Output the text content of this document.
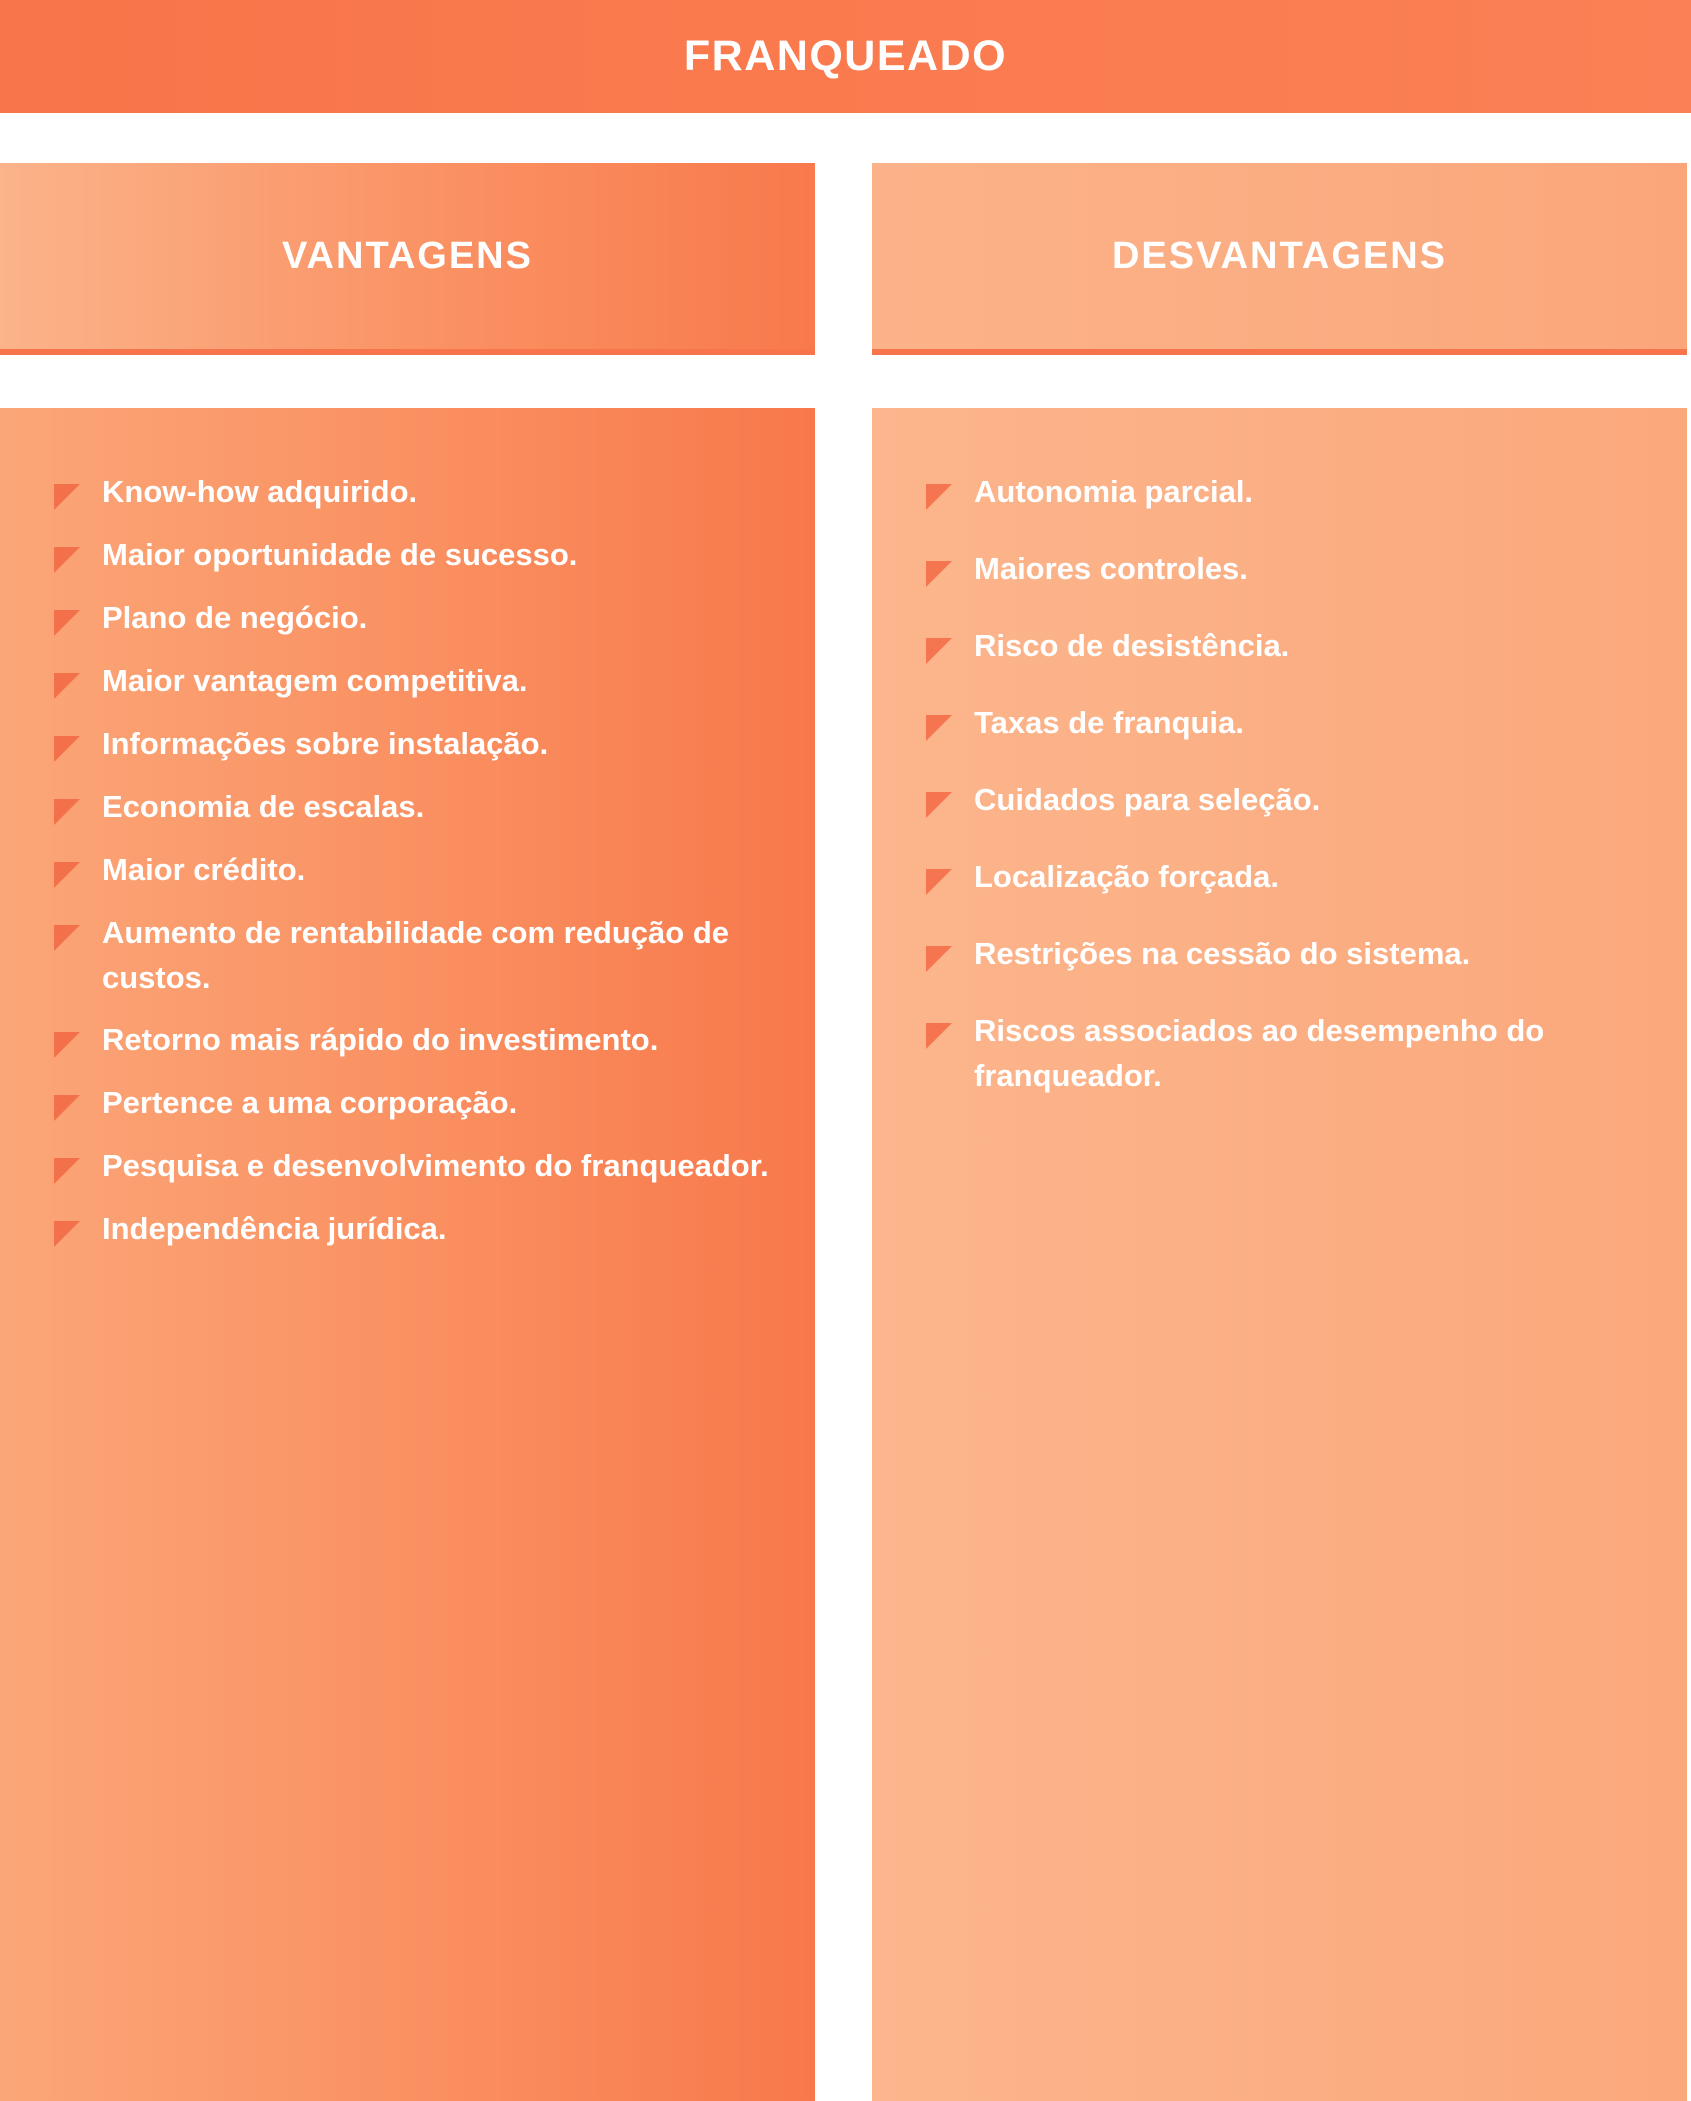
FRANQUEADO
VANTAGENS
Know-how adquirido.
Maior oportunidade de sucesso.
Plano de negócio.
Maior vantagem competitiva.
Informações sobre instalação.
Economia de escalas.
Maior crédito.
Aumento de rentabilidade com redução de custos.
Retorno mais rápido do investimento.
Pertence a uma corporação.
Pesquisa e desenvolvimento do franqueador.
Independência jurídica.
DESVANTAGENS
Autonomia parcial.
Maiores controles.
Risco de desistência.
Taxas de franquia.
Cuidados para seleção.
Localização forçada.
Restrições na cessão do sistema.
Riscos associados ao desempenho do franqueador.
